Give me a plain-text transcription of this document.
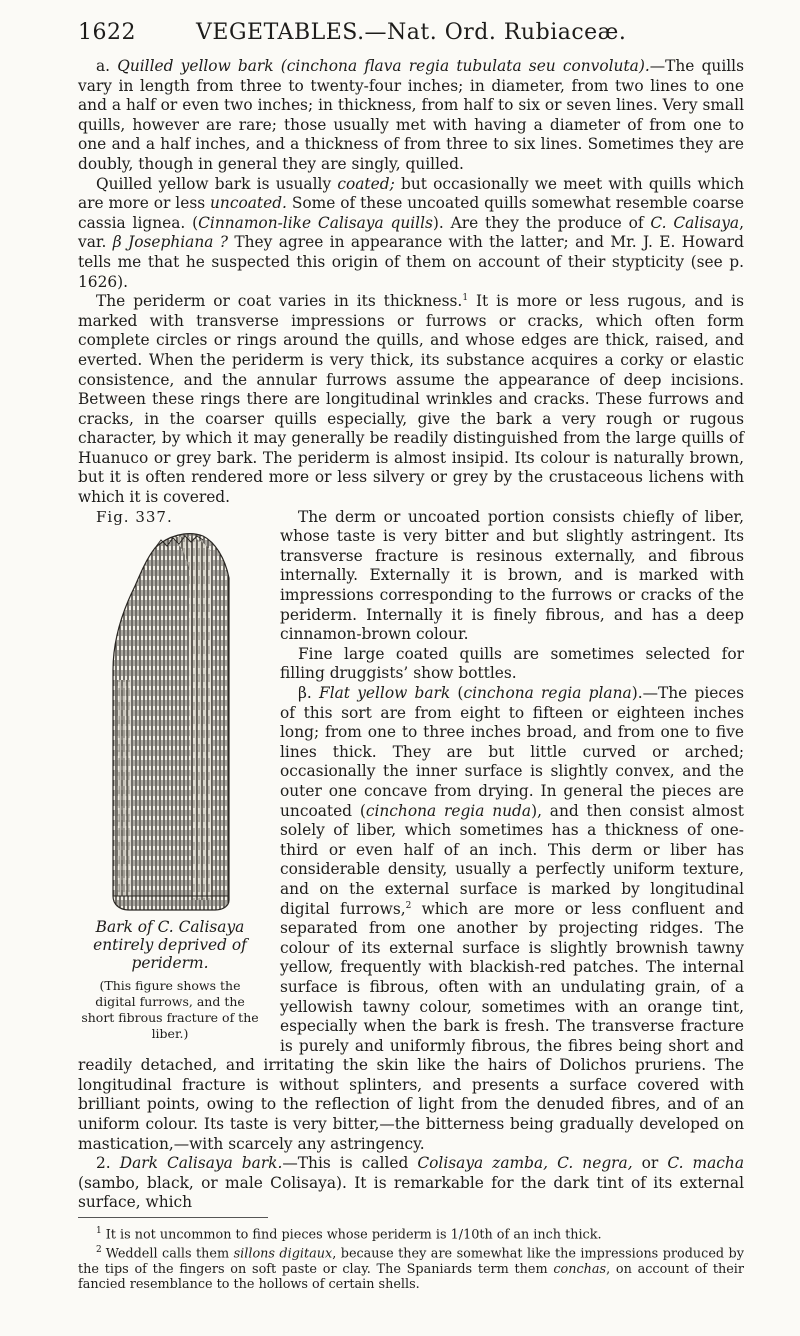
1622	VEGETABLES.—Nat. Ord. Rubiaceæ.

a. Quilled yellow bark (cinchona flava regia tubulata seu convoluta).—The quills vary in length from three to twenty-four inches; in diameter, from two lines to one and a half or even two inches; in thickness, from half to six or seven lines. Very small quills, however are rare; those usually met with having a diameter of from one to one and a half inches, and a thickness of from three to six lines. Sometimes they are doubly, though in general they are singly, quilled.

Quilled yellow bark is usually coated; but occasionally we meet with quills which are more or less uncoated. Some of these uncoated quills somewhat resemble coarse cassia lignea. (Cinnamon-like Calisaya quills). Are they the produce of C. Calisaya, var. β Josephiana ? They agree in appearance with the latter; and Mr. J. E. Howard tells me that he suspected this origin of them on account of their stypticity (see p. 1626).

The periderm or coat varies in its thickness.$^1$ It is more or less rugous, and is marked with transverse impressions or furrows or cracks, which often form complete circles or rings around the quills, and whose edges are thick, raised, and everted. When the periderm is very thick, its substance acquires a corky or elastic consistence, and the annular furrows assume the appearance of deep incisions. Between these rings there are longitudinal wrinkles and cracks. These furrows and cracks, in the coarser quills especially, give the bark a very rough or rugous character, by which it may generally be readily distinguished from the large quills of Huanuco or grey bark. The periderm is almost insipid. Its colour is naturally brown, but it is often rendered more or less silvery or grey by the crustaceous lichens with which it is covered.

Fig. 337.
Bark of C. Calisaya entirely deprived of periderm.
(This figure shows the digital furrows, and the short fibrous fracture of the liber.)

The derm or uncoated portion consists chiefly of liber, whose taste is very bitter and but slightly astringent. Its transverse fracture is resinous externally, and fibrous internally. Externally it is brown, and is marked with impressions corresponding to the furrows or cracks of the periderm. Internally it is finely fibrous, and has a deep cinnamon-brown colour.

Fine large coated quills are sometimes selected for filling druggists’ show bottles.

β. Flat yellow bark (cinchona regia plana).—The pieces of this sort are from eight to fifteen or eighteen inches long; from one to three inches broad, and from one to five lines thick. They are but little curved or arched; occasionally the inner surface is slightly convex, and the outer one concave from drying. In general the pieces are uncoated (cinchona regia nuda), and then consist almost solely of liber, which sometimes has a thickness of one-third or even half of an inch. This derm or liber has considerable density, usually a perfectly uniform texture, and on the external surface is marked by longitudinal digital furrows,$^2$ which are more or less confluent and separated from one another by projecting ridges. The colour of its external surface is slightly brownish tawny yellow, frequently with blackish-red patches. The internal surface is fibrous, often with an undulating grain, of a yellowish tawny colour, sometimes with an orange tint, especially when the bark is fresh. The transverse fracture is purely and uniformly fibrous, the fibres being short and readily detached, and irritating the skin like the hairs of Dolichos pruriens. The longitudinal fracture is without splinters, and presents a surface covered with brilliant points, owing to the reflection of light from the denuded fibres, and of an uniform colour. Its taste is very bitter,—the bitterness being gradually developed on mastication,—with scarcely any astringency.

2. Dark Calisaya bark.—This is called Colisaya zamba, C. negra, or C. macha (sambo, black, or male Colisaya). It is remarkable for the dark tint of its external surface, which

$^1$ It is not uncommon to find pieces whose periderm is 1/10th of an inch thick.

$^2$ Weddell calls them sillons digitaux, because they are somewhat like the impressions produced by the tips of the fingers on soft paste or clay. The Spaniards term them conchas, on account of their fancied resemblance to the hollows of certain shells.
